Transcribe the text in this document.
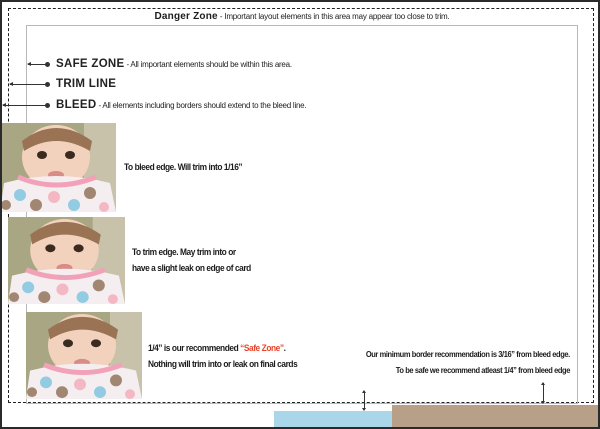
Danger Zone - Important layout elements in this area may appear too close to trim.
SAFE ZONE - All important elements should be within this area.
TRIM LINE
BLEED - All elements including borders should extend to the bleed line.
To bleed edge. Will trim into 1/16”
To trim edge. May trim into or
have a slight leak on edge of card
1/4” is our recommended “Safe Zone”.
Nothing will trim into or leak on final cards
Our minimum border recommendation is 3/16” from bleed edge.
To be safe we recommend atleast 1/4” from bleed edge
